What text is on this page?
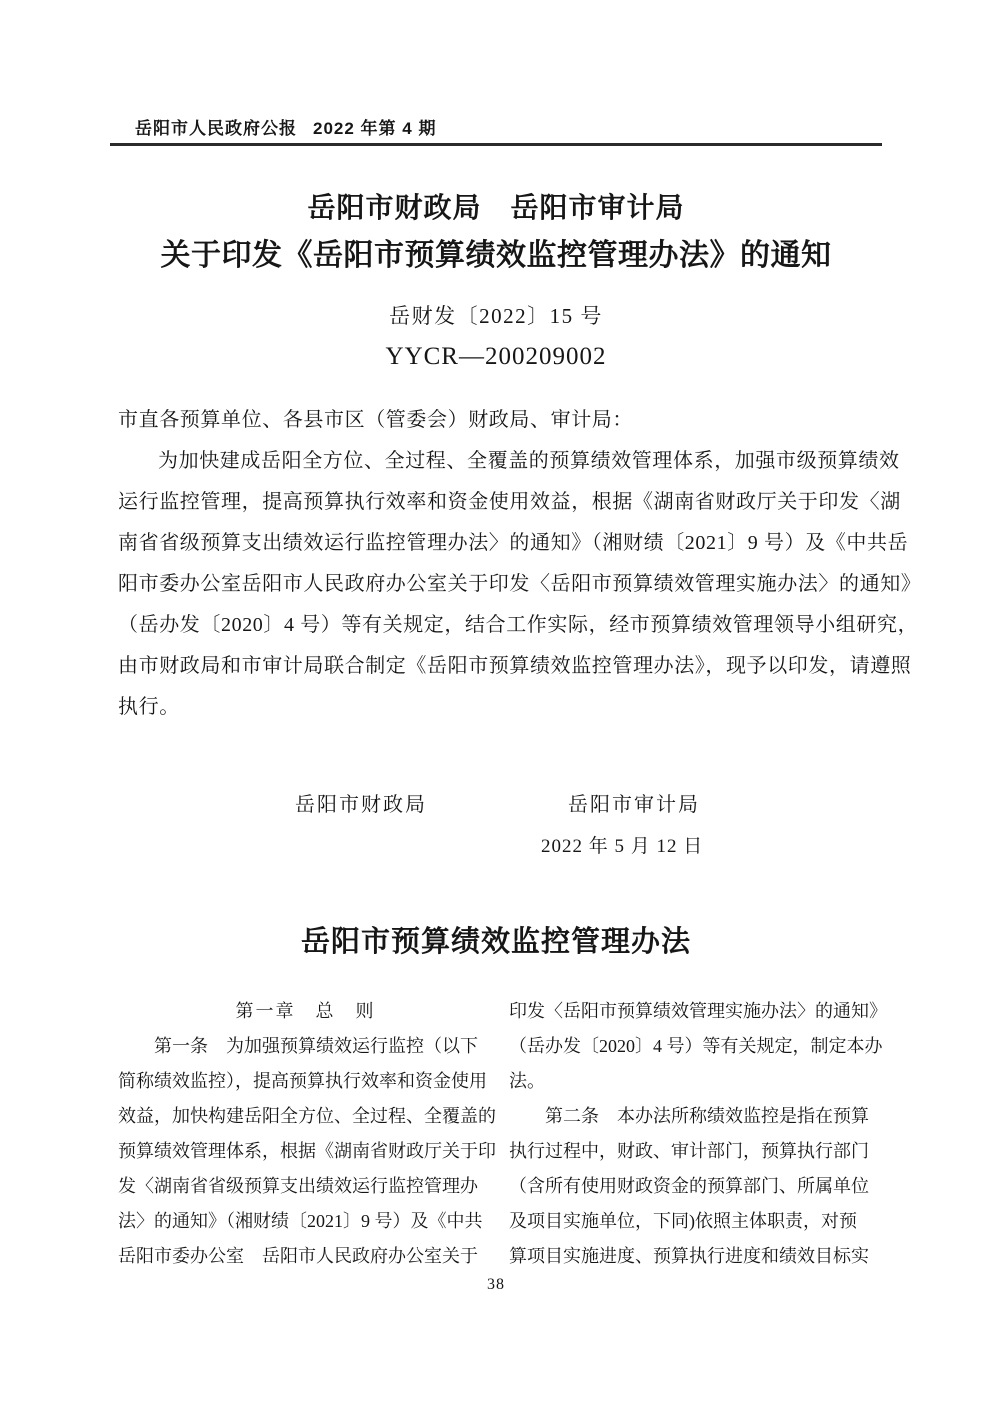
岳阳市人民政府公报 2022 年第 4 期
岳阳市财政局　岳阳市审计局
关于印发《岳阳市预算绩效监控管理办法》的通知
岳财发〔2022〕15 号
YYCR—200209002
市直各预算单位、各县市区（管委会）财政局、审计局：
为加快建成岳阳全方位、全过程、全覆盖的预算绩效管理体系，加强市级预算绩效
运行监控管理，提高预算执行效率和资金使用效益，根据《湖南省财政厅关于印发〈湖
南省省级预算支出绩效运行监控管理办法〉的通知》（湘财绩〔2021〕9 号）及《中共岳
阳市委办公室岳阳市人民政府办公室关于印发〈岳阳市预算绩效管理实施办法〉的通知》
（岳办发〔2020〕4 号）等有关规定，结合工作实际，经市预算绩效管理领导小组研究，
由市财政局和市审计局联合制定《岳阳市预算绩效监控管理办法》，现予以印发，请遵照
执行。
岳阳市财政局	岳阳市审计局
2022 年 5 月 12 日
岳阳市预算绩效监控管理办法
第一章　总　则
第一条　为加强预算绩效运行监控（以下
简称绩效监控），提高预算执行效率和资金使用
效益，加快构建岳阳全方位、全过程、全覆盖的
预算绩效管理体系，根据《湖南省财政厅关于印
发〈湖南省省级预算支出绩效运行监控管理办
法〉的通知》（湘财绩〔2021〕9 号）及《中共
岳阳市委办公室　岳阳市人民政府办公室关于
印发〈岳阳市预算绩效管理实施办法〉的通知》
（岳办发〔2020〕4 号）等有关规定，制定本办
法。
第二条　本办法所称绩效监控是指在预算
执行过程中，财政、审计部门，预算执行部门
（含所有使用财政资金的预算部门、所属单位
及项目实施单位，下同)依照主体职责，对预
算项目实施进度、预算执行进度和绩效目标实
38
